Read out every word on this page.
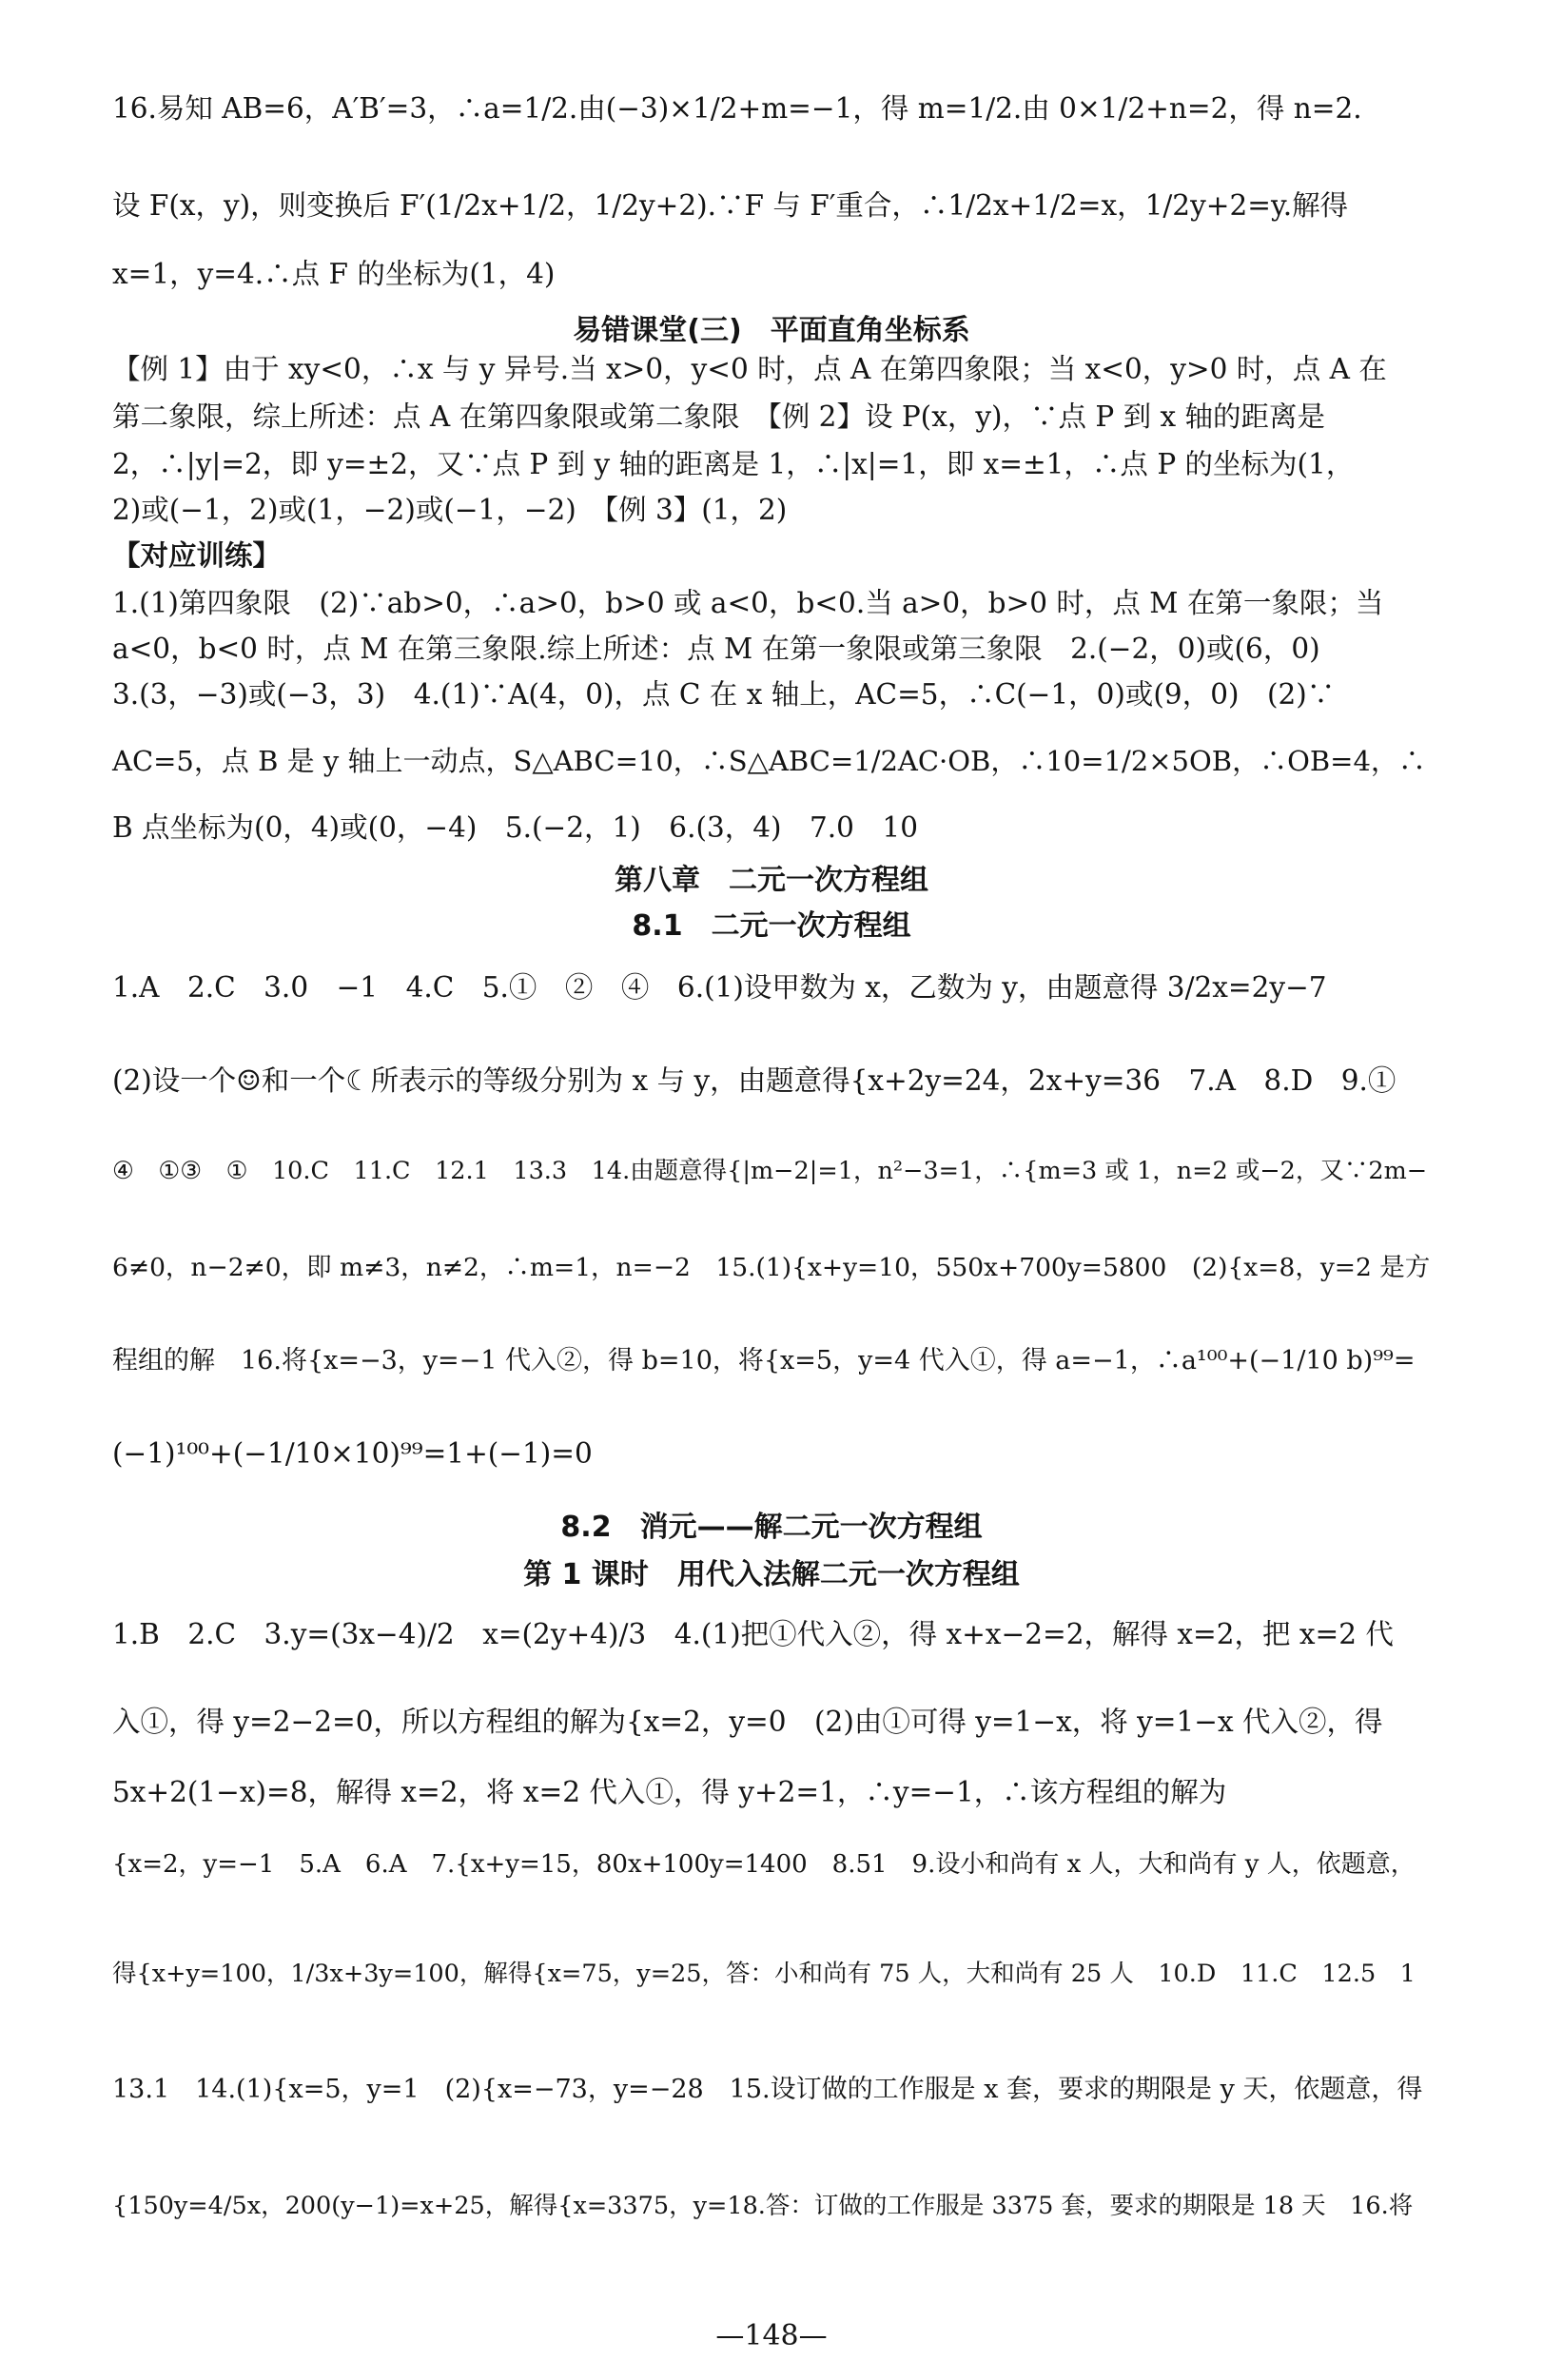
16.易知 AB=6，A′B′=3，∴a=1/2.由(−3)×1/2+m=−1，得 m=1/2.由 0×1/2+n=2，得 n=2.

设 F(x，y)，则变换后 F′(1/2x+1/2，1/2y+2).∵F 与 F′重合，∴1/2x+1/2=x，1/2y+2=y.解得

x=1，y=4.∴点 F 的坐标为(1，4)

易错课堂(三)　平面直角坐标系

【例 1】由于 xy<0，∴x 与 y 异号.当 x>0，y<0 时，点 A 在第四象限；当 x<0，y>0 时，点 A 在

第二象限，综上所述：点 A 在第四象限或第二象限　【例 2】设 P(x，y)，∵点 P 到 x 轴的距离是

2，∴|y|=2，即 y=±2，又∵点 P 到 y 轴的距离是 1，∴|x|=1，即 x=±1，∴点 P 的坐标为(1，

2)或(−1，2)或(1，−2)或(−1，−2)　【例 3】(1，2)

【对应训练】

1.(1)第四象限　(2)∵ab>0，∴a>0，b>0 或 a<0，b<0.当 a>0，b>0 时，点 M 在第一象限；当

a<0，b<0 时，点 M 在第三象限.综上所述：点 M 在第一象限或第三象限　2.(−2，0)或(6，0)

3.(3，−3)或(−3，3)　4.(1)∵A(4，0)，点 C 在 x 轴上，AC=5，∴C(−1，0)或(9，0)　(2)∵

AC=5，点 B 是 y 轴上一动点，S△ABC=10，∴S△ABC=1/2AC·OB，∴10=1/2×5OB，∴OB=4，∴

B 点坐标为(0，4)或(0，−4)　5.(−2，1)　6.(3，4)　7.0　10

第八章　二元一次方程组

8.1　二元一次方程组

1.A　2.C　3.0　−1　4.C　5.①　②　④　6.(1)设甲数为 x，乙数为 y，由题意得 3/2x=2y−7

(2)设一个☺和一个☾所表示的等级分别为 x 与 y，由题意得{x+2y=24，2x+y=36　7.A　8.D　9.①

④　①③　①　10.C　11.C　12.1　13.3　14.由题意得{|m−2|=1，n²−3=1，∴{m=3 或 1，n=2 或−2，又∵2m−

6≠0，n−2≠0，即 m≠3，n≠2，∴m=1，n=−2　15.(1){x+y=10，550x+700y=5800　(2){x=8，y=2 是方

程组的解　16.将{x=−3，y=−1 代入②，得 b=10，将{x=5，y=4 代入①，得 a=−1，∴a¹⁰⁰+(−1/10 b)⁹⁹=

(−1)¹⁰⁰+(−1/10×10)⁹⁹=1+(−1)=0

8.2　消元——解二元一次方程组

第 1 课时　用代入法解二元一次方程组

1.B　2.C　3.y=(3x−4)/2　x=(2y+4)/3　4.(1)把①代入②，得 x+x−2=2，解得 x=2，把 x=2 代

入①，得 y=2−2=0，所以方程组的解为{x=2，y=0　(2)由①可得 y=1−x，将 y=1−x 代入②，得

5x+2(1−x)=8，解得 x=2，将 x=2 代入①，得 y+2=1，∴y=−1，∴该方程组的解为

{x=2，y=−1　5.A　6.A　7.{x+y=15，80x+100y=1400　8.51　9.设小和尚有 x 人，大和尚有 y 人，依题意，

得{x+y=100，1/3x+3y=100，解得{x=75，y=25，答：小和尚有 75 人，大和尚有 25 人　10.D　11.C　12.5　1

13.1　14.(1){x=5，y=1　(2){x=−73，y=−28　15.设订做的工作服是 x 套，要求的期限是 y 天，依题意，得

{150y=4/5x，200(y−1)=x+25，解得{x=3375，y=18.答：订做的工作服是 3375 套，要求的期限是 18 天　16.将

—148—
